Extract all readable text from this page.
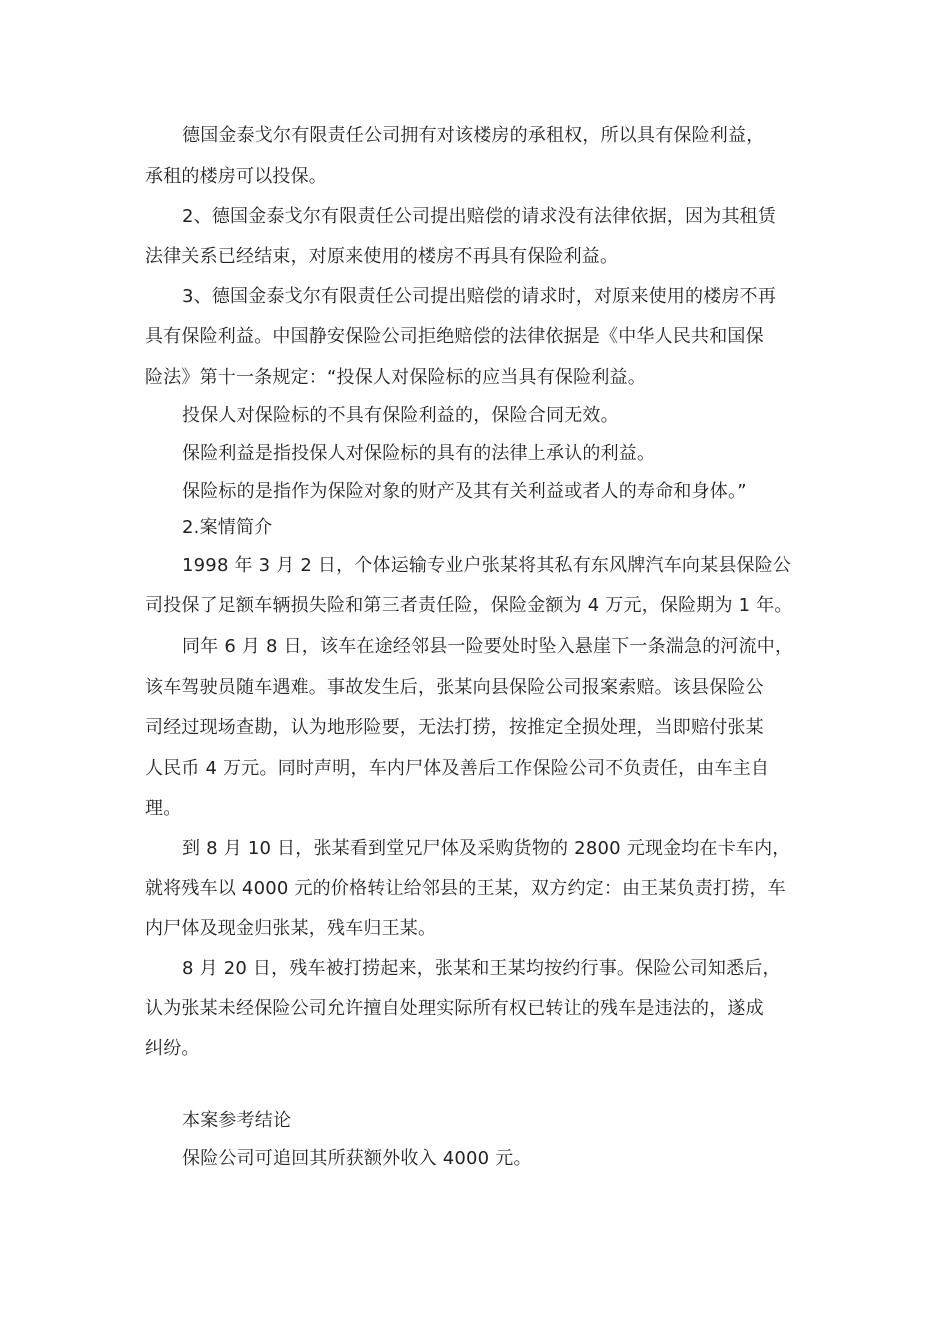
德国金泰戈尔有限责任公司拥有对该楼房的承租权，所以具有保险利益，

承租的楼房可以投保。

2、德国金泰戈尔有限责任公司提出赔偿的请求没有法律依据，因为其租赁

法律关系已经结束，对原来使用的楼房不再具有保险利益。

3、德国金泰戈尔有限责任公司提出赔偿的请求时，对原来使用的楼房不再

具有保险利益。中国静安保险公司拒绝赔偿的法律依据是《中华人民共和国保

险法》第十一条规定：“投保人对保险标的应当具有保险利益。

投保人对保险标的不具有保险利益的，保险合同无效。

保险利益是指投保人对保险标的具有的法律上承认的利益。

保险标的是指作为保险对象的财产及其有关利益或者人的寿命和身体。”

2.案情简介

1998 年 3 月 2 日，个体运输专业户张某将其私有东风牌汽车向某县保险公

司投保了足额车辆损失险和第三者责任险，保险金额为 4 万元，保险期为 1 年。

同年 6 月 8 日，该车在途经邻县一险要处时坠入悬崖下一条湍急的河流中，

该车驾驶员随车遇难。事故发生后，张某向县保险公司报案索赔。该县保险公

司经过现场查勘，认为地形险要，无法打捞，按推定全损处理，当即赔付张某

人民币 4 万元。同时声明，车内尸体及善后工作保险公司不负责任，由车主自

理。

到 8 月 10 日，张某看到堂兄尸体及采购货物的 2800 元现金均在卡车内，

就将残车以 4000 元的价格转让给邻县的王某，双方约定：由王某负责打捞，车

内尸体及现金归张某，残车归王某。

8 月 20 日，残车被打捞起来，张某和王某均按约行事。保险公司知悉后，

认为张某未经保险公司允许擅自处理实际所有权已转让的残车是违法的，遂成

纠纷。

本案参考结论

保险公司可追回其所获额外收入 4000 元。
